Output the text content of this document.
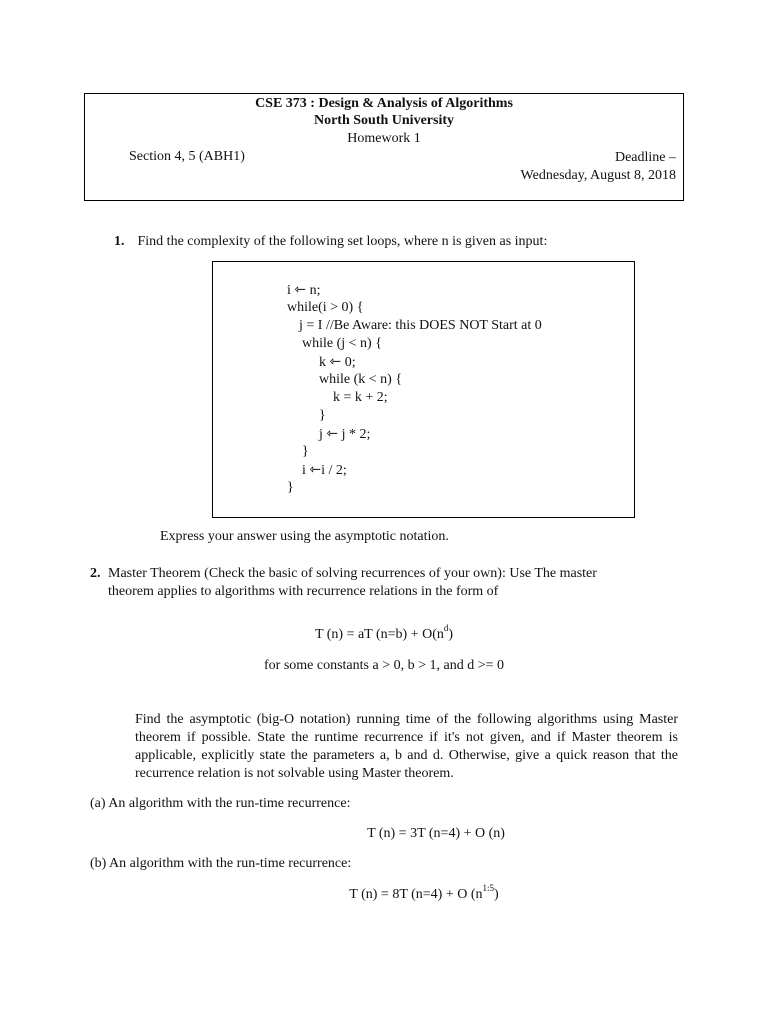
CSE 373 : Design & Analysis of Algorithms
North South University
Homework 1
Section 4, 5 (ABH1)	Deadline –
Wednesday, August 8, 2018
1. Find the complexity of the following set loops, where n is given as input:
i ⇽ n;
while(i > 0) {
j = I //Be Aware: this DOES NOT Start at 0
while (j < n) {
k ⇽ 0;
while (k < n) {
k = k + 2;
}
j ⇽ j * 2;
}
i ⇽i / 2;
}
Express your answer using the asymptotic notation.
2. Master Theorem (Check the basic of solving recurrences of your own): Use The master
theorem applies to algorithms with recurrence relations in the form of
T (n) = aT $(n=b) + O(n^d)$
for some constants a > 0, b > 1, and d >= 0
Find the asymptotic (big-O notation) running time of the following algorithms using Master theorem if possible. State the runtime recurrence if it's not given, and if Master theorem is applicable, explicitly state the parameters a, b and d. Otherwise, give a quick reason that the recurrence relation is not solvable using Master theorem.
(a) An algorithm with the run-time recurrence:
T (n) = 3T (n=4) + O (n)
(b) An algorithm with the run-time recurrence:
T (n) = 8T (n=4) + O $(n^{1:5})$
